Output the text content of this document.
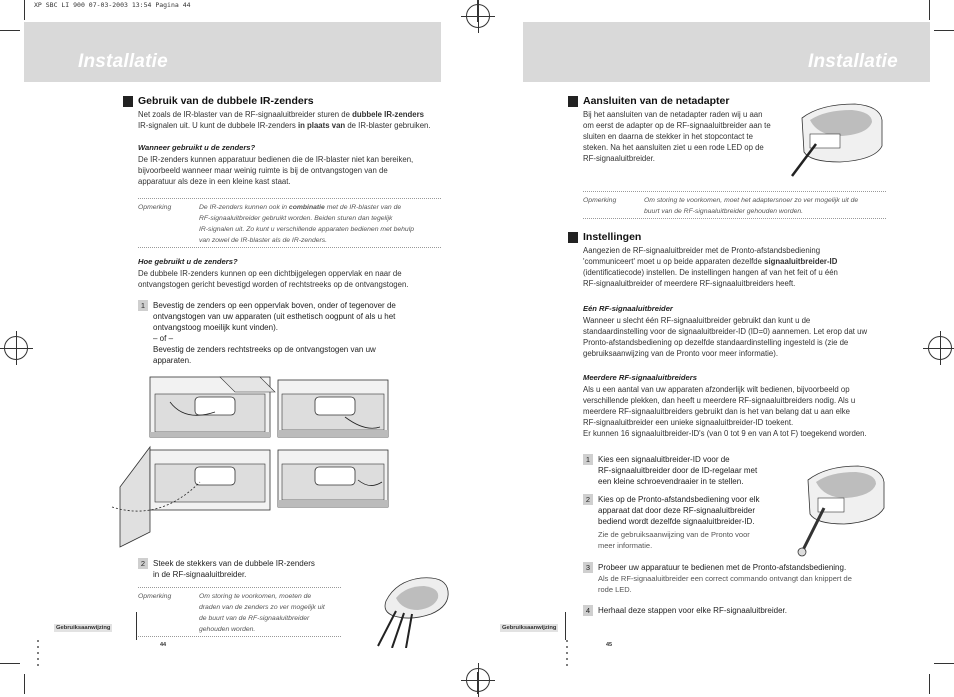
XP SBC LI 900 07-03-2003 13:54 Pagina 44
Installatie
Gebruik van de dubbele IR-zenders
Net zoals de IR-blaster van de RF-signaaluitbreider sturen de dubbele IR-zenders
IR-signalen uit. U kunt de dubbele IR-zenders in plaats van de IR-blaster gebruiken.
Wanneer gebruikt u de zenders?
De IR-zenders kunnen apparatuur bedienen die de IR-blaster niet kan bereiken,
bijvoorbeeld wanneer maar weinig ruimte is bij de ontvangstogen van de
apparatuur als deze in een kleine kast staat.
Opmerking	De IR-zenders kunnen ook in combinatie met de IR-blaster van de
RF-signaaluitbreider gebruikt worden. Beiden sturen dan tegelijk
IR-signalen uit. Zo kunt u verschillende apparaten bedienen met behulp
van zowel de IR-blaster als de IR-zenders.
Hoe gebruikt u de zenders?
De dubbele IR-zenders kunnen op een dichtbijgelegen oppervlak en naar de
ontvangstogen gericht bevestigd worden of rechtstreeks op de ontvangstogen.
1 Bevestig de zenders op een oppervlak boven, onder of tegenover de
ontvangstogen van uw apparaten (uit esthetisch oogpunt of als u het
ontvangstoog moeilijk kunt vinden).
– of –
Bevestig de zenders rechtstreeks op de ontvangstogen van uw
apparaten.
2 Steek de stekkers van de dubbele IR-zenders
in de RF-signaaluitbreider.
Opmerking	Om storing te voorkomen, moeten de
draden van de zenders zo ver mogelijk uit
de buurt van de RF-signaaluitbreider
gehouden worden.
Gebruiksaanwijzing
44
Installatie
Aansluiten van de netadapter
Bij het aansluiten van de netadapter raden wij u aan
om eerst de adapter op de RF-signaaluitbreider aan te
sluiten en daarna de stekker in het stopcontact te
steken. Na het aansluiten ziet u een rode LED op de
RF-signaaluitbreider.
Opmerking	Om storing te voorkomen, moet het adaptersnoer zo ver mogelijk uit de
buurt van de RF-signaaluitbreider gehouden worden.
Instellingen
Aangezien de RF-signaaluitbreider met de Pronto-afstandsbediening
'communiceert' moet u op beide apparaten dezelfde signaaluitbreider-ID
(identificatiecode) instellen. De instellingen hangen af van het feit of u één
RF-signaaluitbreider of meerdere RF-signaaluitbreiders heeft.
Eén RF-signaaluitbreider
Wanneer u slecht één RF-signaaluitbreider gebruikt dan kunt u de
standaardinstelling voor de signaaluitbreider-ID (ID=0) aannemen. Let erop dat uw
Pronto-afstandsbediening op dezelfde standaardinstelling ingesteld is (zie de
gebruiksaanwijzing van de Pronto voor meer informatie).
Meerdere RF-signaaluitbreiders
Als u een aantal van uw apparaten afzonderlijk wilt bedienen, bijvoorbeeld op
verschillende plekken, dan heeft u meerdere RF-signaaluitbreiders nodig. Als u
meerdere RF-signaaluitbreiders gebruikt dan is het van belang dat u aan elke
RF-signaaluitbreider een unieke signaaluitbreider-ID toekent.
Er kunnen 16 signaaluitbreider-ID's (van 0 tot 9 en van A tot F) toegekend worden.
1 Kies een signaaluitbreider-ID voor de
RF-signaaluitbreider door de ID-regelaar met
een kleine schroevendraaier in te stellen.
2 Kies op de Pronto-afstandsbediening voor elk
apparaat dat door deze RF-signaaluitbreider
bediend wordt dezelfde signaaluitbreider-ID.
Zie de gebruiksaanwijzing van de Pronto voor
meer informatie.
3 Probeer uw apparatuur te bedienen met de Pronto-afstandsbediening.
Als de RF-signaaluitbreider een correct commando ontvangt dan knippert de
rode LED.
4 Herhaal deze stappen voor elke RF-signaaluitbreider.
Gebruiksaanwijzing
45
